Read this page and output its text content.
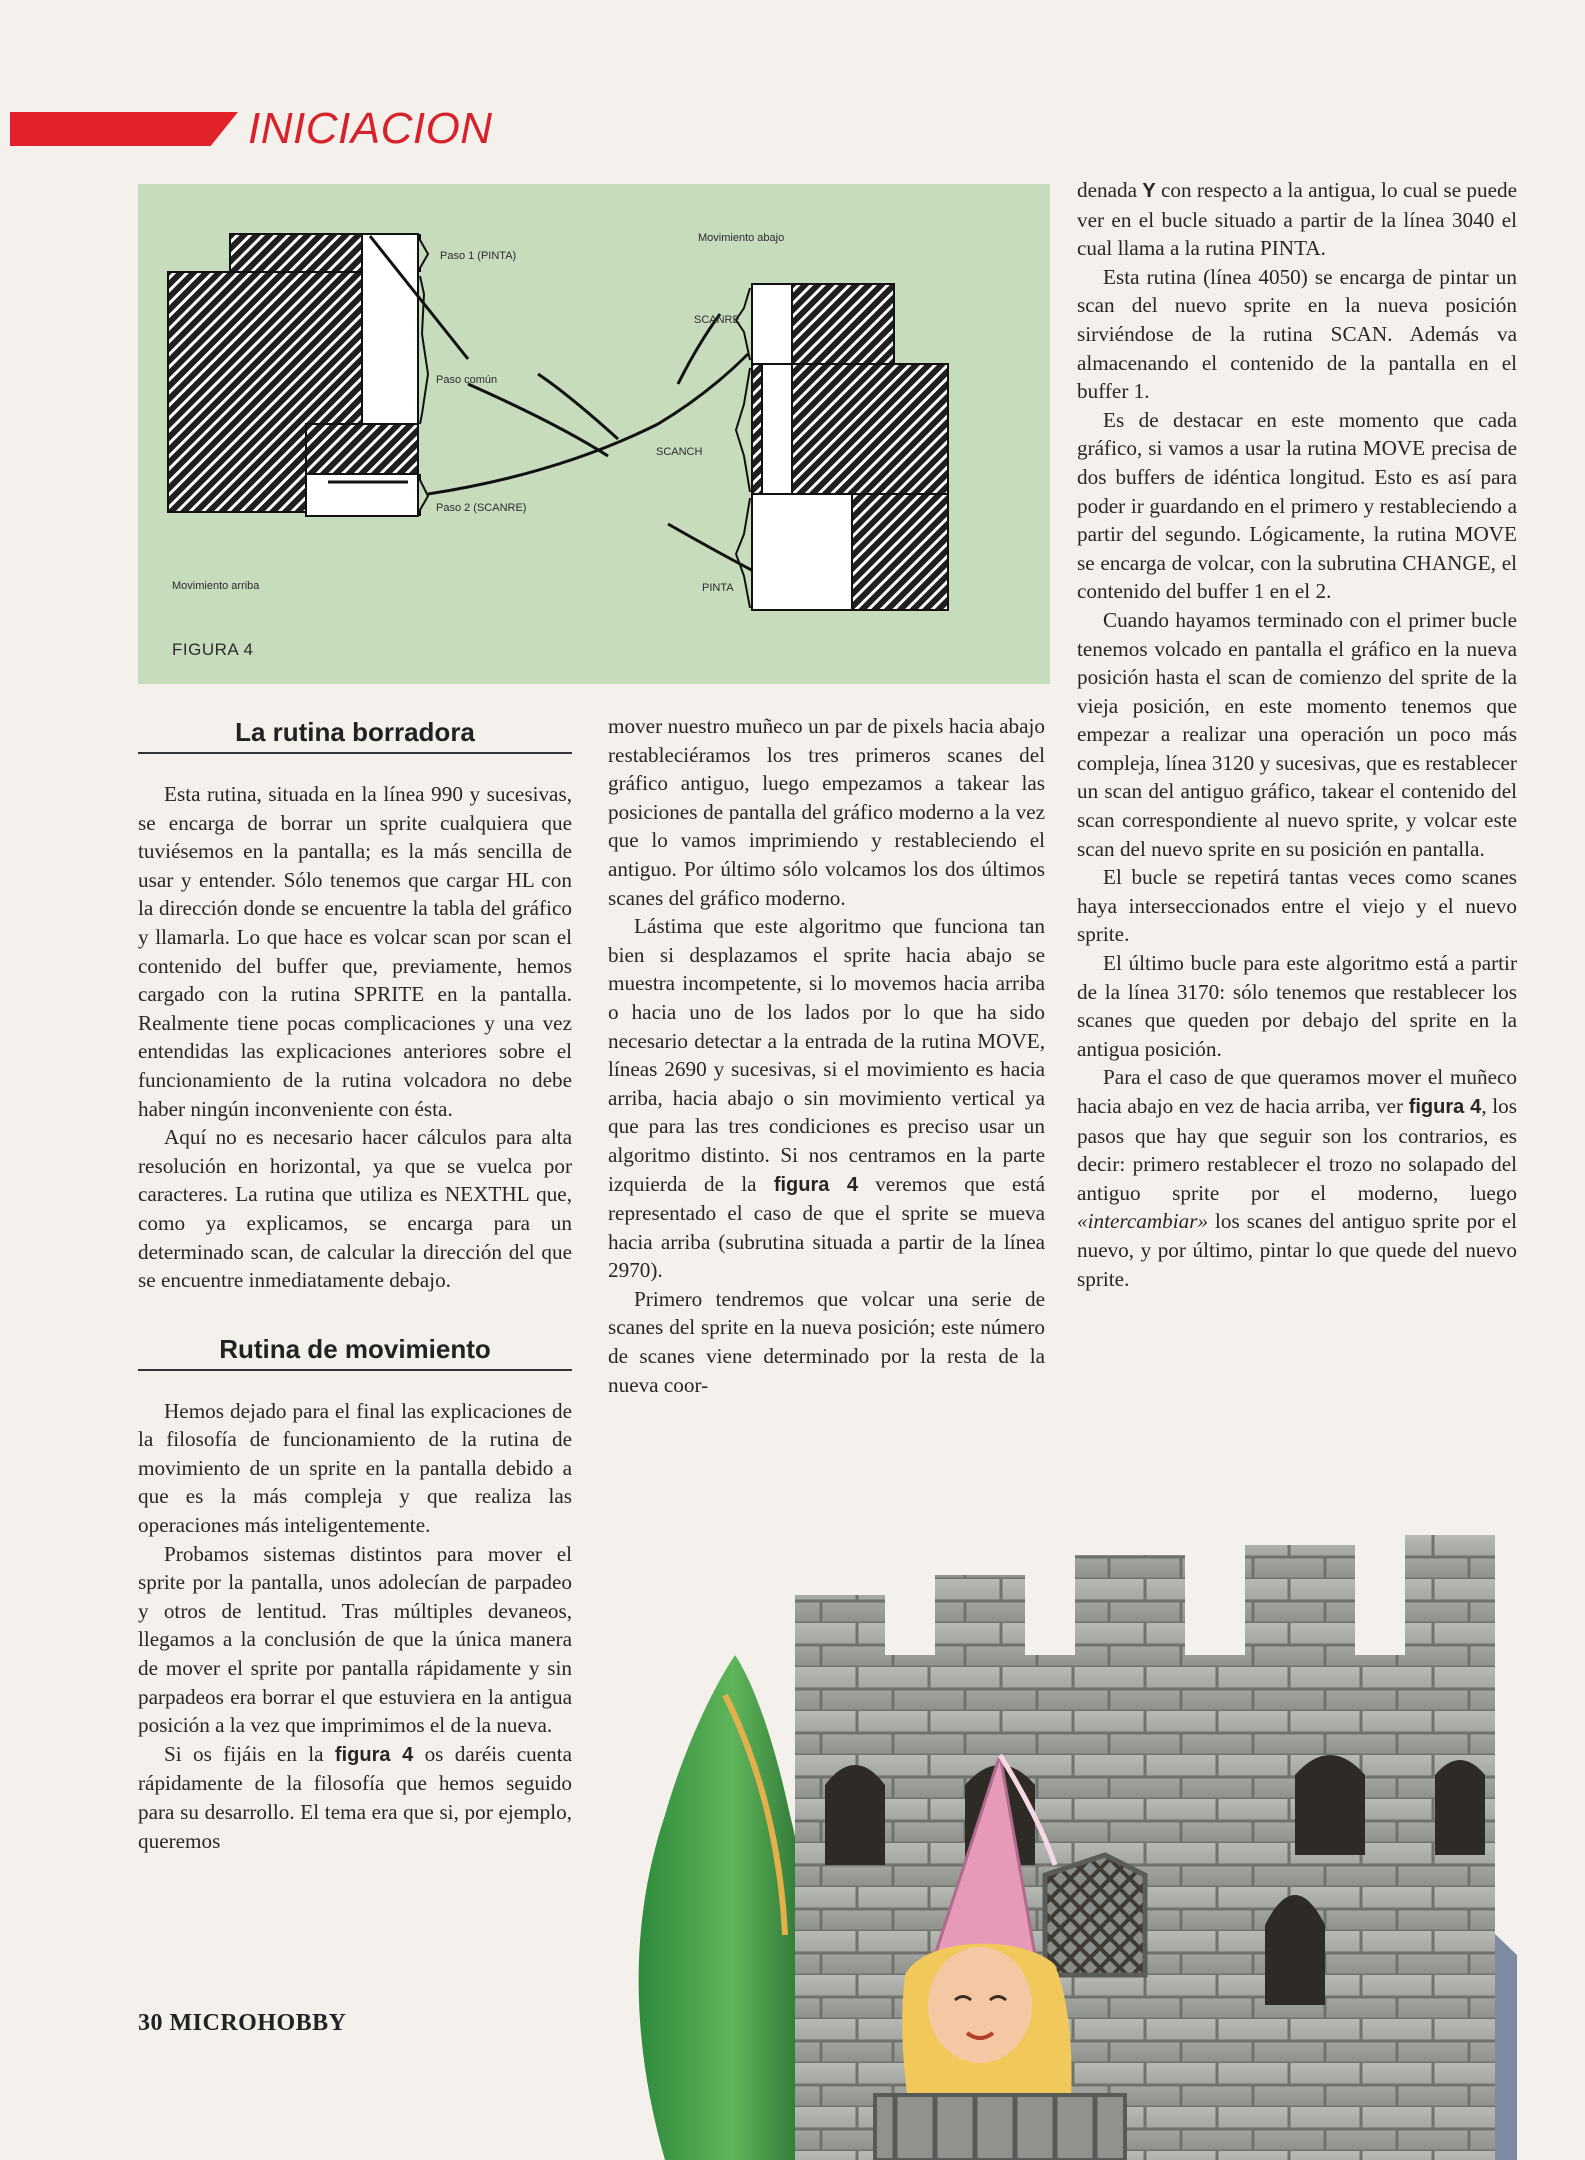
INICIACION
Paso 1 (PINTA)
Paso común
Paso 2 (SCANRE)
Movimiento abajo
SCANRE
SCANCH
PINTA
Movimiento arriba
FIGURA 4
La rutina borradora

Esta rutina, situada en la línea 990 y sucesivas, se encarga de borrar un sprite cualquiera que tuviésemos en la pantalla; es la más sencilla de usar y entender. Sólo tenemos que cargar HL con la dirección donde se encuentre la tabla del gráfico y llamarla. Lo que hace es volcar scan por scan el contenido del buffer que, previamente, hemos cargado con la rutina SPRITE en la pantalla. Realmente tiene pocas complicaciones y una vez entendidas las explicaciones anteriores sobre el funcionamiento de la rutina volcadora no debe haber ningún inconveniente con ésta.

Aquí no es necesario hacer cálculos para alta resolución en horizontal, ya que se vuelca por caracteres. La rutina que utiliza es NEXTHL que, como ya explicamos, se encarga para un determinado scan, de calcular la dirección del que se encuentre inmediatamente debajo.

Rutina de movimiento

Hemos dejado para el final las explicaciones de la filosofía de funcionamiento de la rutina de movimiento de un sprite en la pantalla debido a que es la más compleja y que realiza las operaciones más inteligentemente.

Probamos sistemas distintos para mover el sprite por la pantalla, unos adolecían de parpadeo y otros de lentitud. Tras múltiples devaneos, llegamos a la conclusión de que la única manera de mover el sprite por pantalla rápidamente y sin parpadeos era borrar el que estuviera en la antigua posición a la vez que imprimimos el de la nueva.

Si os fijáis en la figura 4 os daréis cuenta rápidamente de la filosofía que hemos seguido para su desarrollo. El tema era que si, por ejemplo, queremos

mover nuestro muñeco un par de pixels hacia abajo restableciéramos los tres primeros scanes del gráfico antiguo, luego empezamos a takear las posiciones de pantalla del gráfico moderno a la vez que lo vamos imprimiendo y restableciendo el antiguo. Por último sólo volcamos los dos últimos scanes del gráfico moderno.

Lástima que este algoritmo que funciona tan bien si desplazamos el sprite hacia abajo se muestra incompetente, si lo movemos hacia arriba o hacia uno de los lados por lo que ha sido necesario detectar a la entrada de la rutina MOVE, líneas 2690 y sucesivas, si el movimiento es hacia arriba, hacia abajo o sin movimiento vertical ya que para las tres condiciones es preciso usar un algoritmo distinto. Si nos centramos en la parte izquierda de la figura 4 veremos que está representado el caso de que el sprite se mueva hacia arriba (subrutina situada a partir de la línea 2970).

Primero tendremos que volcar una serie de scanes del sprite en la nueva posición; este número de scanes viene determinado por la resta de la nueva coor-

denada Y con respecto a la antigua, lo cual se puede ver en el bucle situado a partir de la línea 3040 el cual llama a la rutina PINTA.

Esta rutina (línea 4050) se encarga de pintar un scan del nuevo sprite en la nueva posición sirviéndose de la rutina SCAN. Además va almacenando el contenido de la pantalla en el buffer 1.

Es de destacar en este momento que cada gráfico, si vamos a usar la rutina MOVE precisa de dos buffers de idéntica longitud. Esto es así para poder ir guardando en el primero y restableciendo a partir del segundo. Lógicamente, la rutina MOVE se encarga de volcar, con la subrutina CHANGE, el contenido del buffer 1 en el 2.

Cuando hayamos terminado con el primer bucle tenemos volcado en pantalla el gráfico en la nueva posición hasta el scan de comienzo del sprite de la vieja posición, en este momento tenemos que empezar a realizar una operación un poco más compleja, línea 3120 y sucesivas, que es restablecer un scan del antiguo gráfico, takear el contenido del scan correspondiente al nuevo sprite, y volcar este scan del nuevo sprite en su posición en pantalla.

El bucle se repetirá tantas veces como scanes haya interseccionados entre el viejo y el nuevo sprite.

El último bucle para este algoritmo está a partir de la línea 3170: sólo tenemos que restablecer los scanes que queden por debajo del sprite en la antigua posición.

Para el caso de que queramos mover el muñeco hacia abajo en vez de hacia arriba, ver figura 4, los pasos que hay que seguir son los contrarios, es decir: primero restablecer el trozo no solapado del antiguo sprite por el moderno, luego «intercambiar» los scanes del antiguo sprite por el nuevo, y por último, pintar lo que quede del nuevo sprite.

30 MICROHOBBY
